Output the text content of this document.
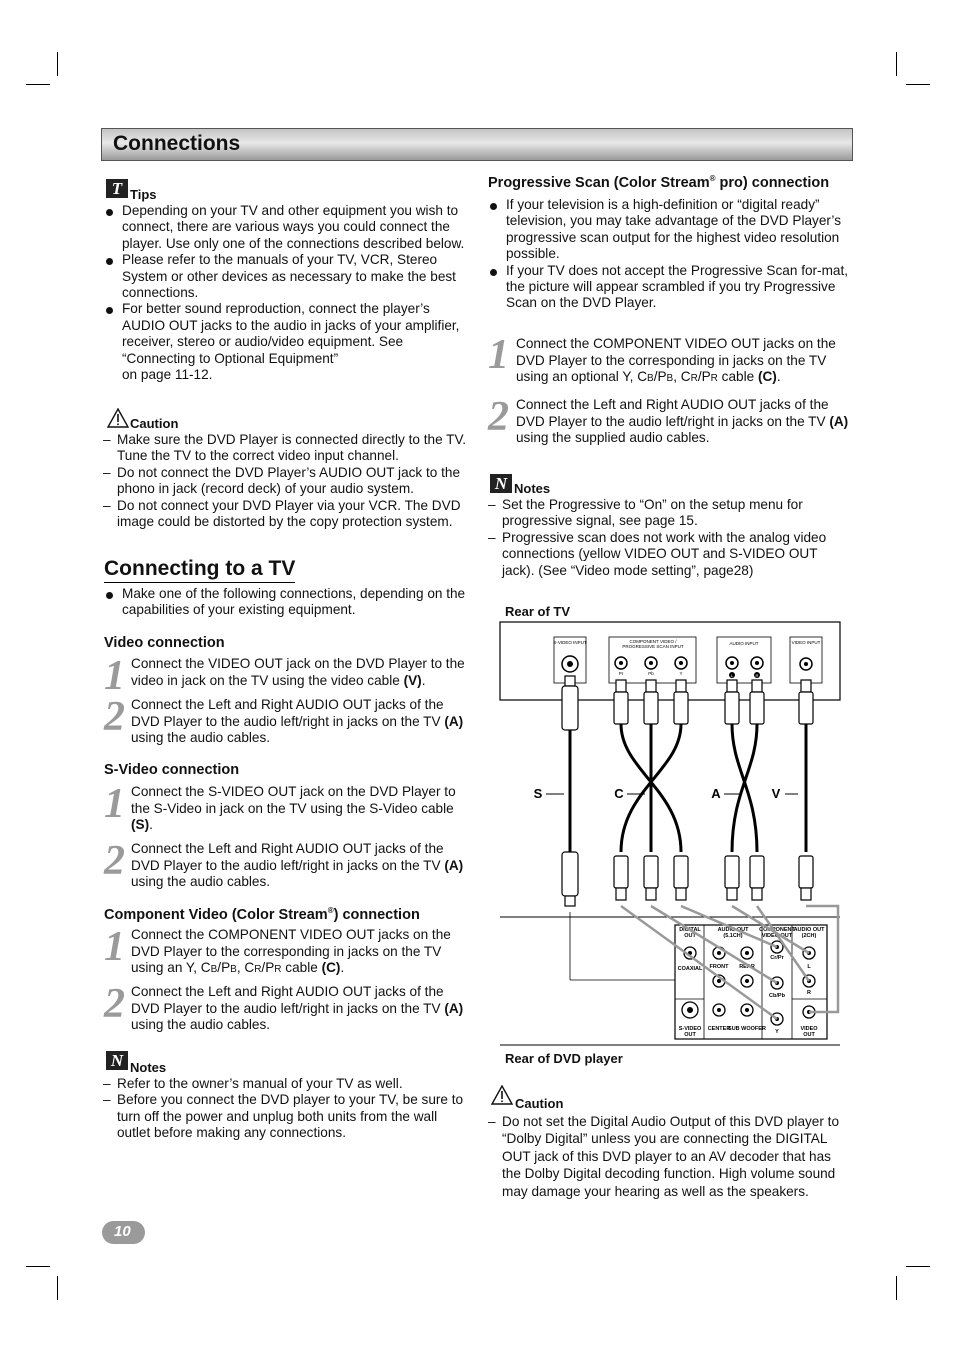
Connections
T Tips
Depending on your TV and other equipment you wish to connect, there are various ways you could connect the player. Use only one of the connections described below.
Please refer to the manuals of your TV, VCR, Stereo System or other devices as necessary to make the best connections.
For better sound reproduction, connect the player’s AUDIO OUT jacks to the audio in jacks of your amplifier, receiver, stereo or audio/video equipment. See “Connecting to Optional Equipment”
on page 11-12.
Caution
– Make sure the DVD Player is connected directly to the TV. Tune the TV to the correct video input channel.
– Do not connect the DVD Player’s AUDIO OUT jack to the phono in jack (record deck) of your audio system.
– Do not connect your DVD Player via your VCR. The DVD image could be distorted by the copy protection system.
Connecting to a TV
Make one of the following connections, depending on the capabilities of your existing equipment.
Video connection
1 Connect the VIDEO OUT jack on the DVD Player to the video in jack on the TV using the video cable (V).
2 Connect the Left and Right AUDIO OUT jacks of the DVD Player to the audio left/right in jacks on the TV (A) using the audio cables.
S-Video connection
1 Connect the S-VIDEO OUT jack on the DVD Player to the S-Video in jack on the TV using the S-Video cable (S).
2 Connect the Left and Right AUDIO OUT jacks of the DVD Player to the audio left/right in jacks on the TV (A) using the audio cables.
Component Video (Color Stream®) connection
1 Connect the COMPONENT VIDEO OUT jacks on the DVD Player to the corresponding in jacks on the TV using an Y, CB/PB, CR/PR cable (C).
2 Connect the Left and Right AUDIO OUT jacks of the DVD Player to the audio left/right in jacks on the TV (A) using the audio cables.
N Notes
– Refer to the owner’s manual of your TV as well.
– Before you connect the DVD player to your TV, be sure to turn off the power and unplug both units from the wall outlet before making any connections.
Progressive Scan (Color Stream® pro) connection
If your television is a high-definition or “digital ready” television, you may take advantage of the DVD Player’s progressive scan output for the highest video resolution possible.
If your TV does not accept the Progressive Scan for-mat, the picture will appear scrambled if you try Progressive Scan on the DVD Player.
1 Connect the COMPONENT VIDEO OUT jacks on the DVD Player to the corresponding in jacks on the TV using an optional Y, CB/PB, CR/PR cable (C).
2 Connect the Left and Right AUDIO OUT jacks of the DVD Player to the audio left/right in jacks on the TV (A) using the supplied audio cables.
N Notes
– Set the Progressive to “On” on the setup menu for progressive signal, see page 15.
– Progressive scan does not work with the analog video connections (yellow VIDEO OUT and S-VIDEO OUT jack). (See “Video mode setting”, page28)
Rear of TV
S-VIDEO INPUT	COMPONENT VIDEO /
PROGRESSIVE SCAN INPUT
AUDIO INPUT	VIDEO INPUT
Pr	Pb	Y	L	R
S	C	A	V
DIGITAL
OUT
COAXIAL
AUDIO OUT
(5.1CH)
FRONT REAR
CENTER
SUB WOOFER
S-VIDEO
OUT
COMPONENT
VIDEO OUT
Cr/Pr
Cb/Pb
Y
AUDIO OUT
(2CH)
L
R
VIDEO
OUT
Rear of DVD player
Caution
– Do not set the Digital Audio Output of this DVD player to “Dolby Digital” unless you are connecting the DIGITAL OUT jack of this DVD player to an AV decoder that has the Dolby Digital decoding function. High volume sound may damage your hearing as well as the speakers.
10
